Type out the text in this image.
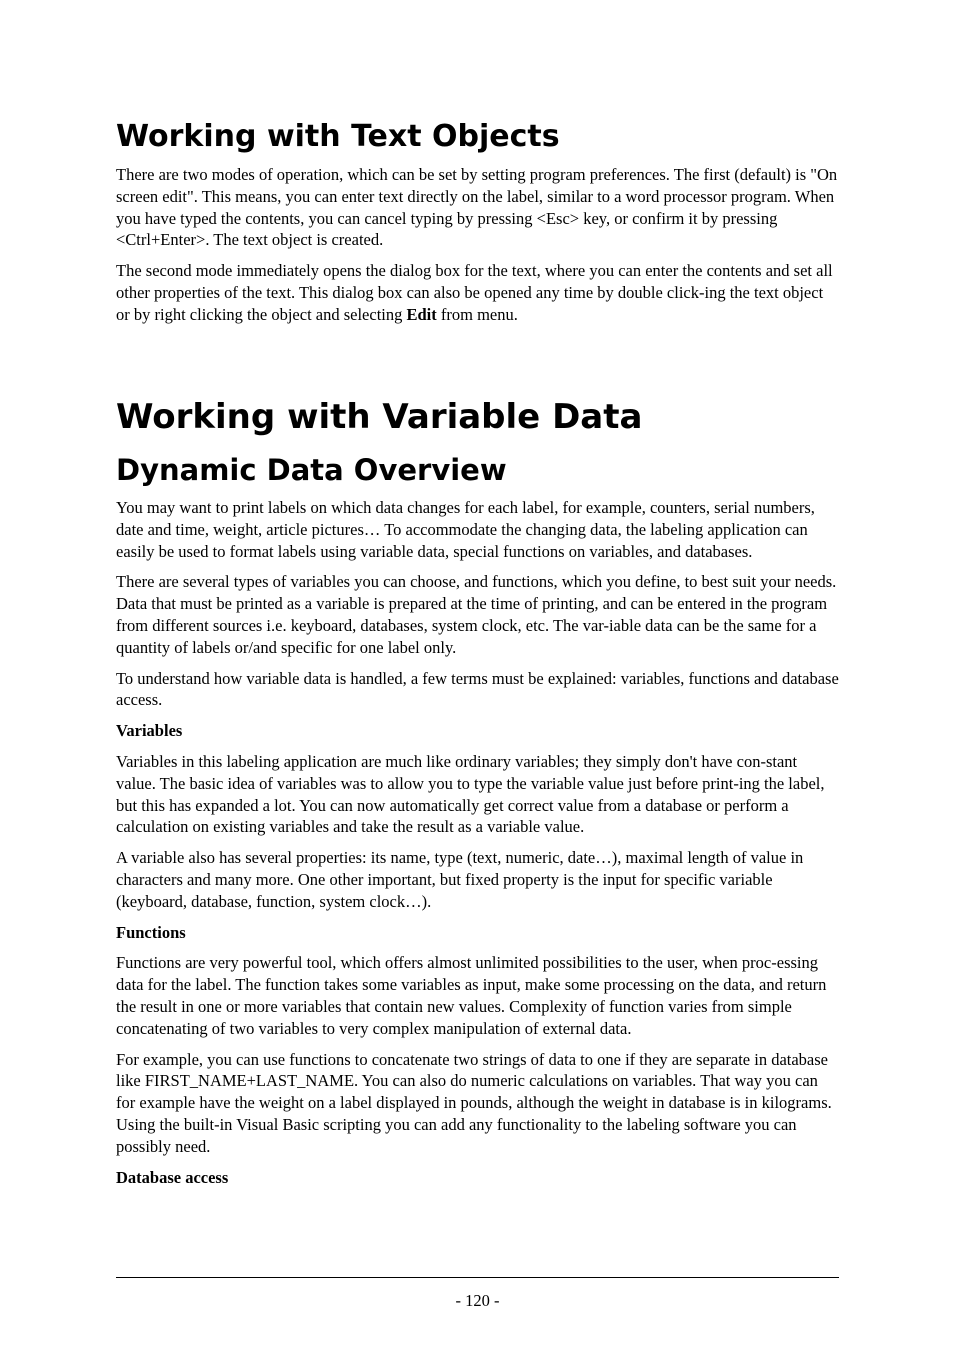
Working with Text Objects

There are two modes of operation, which can be set by setting program preferences. The first (default) is "On screen edit". This means, you can enter text directly on the label, similar to a word processor program. When you have typed the contents, you can cancel typing by pressing <Esc> key, or confirm it by pressing <Ctrl+Enter>. The text object is created.

The second mode immediately opens the dialog box for the text, where you can enter the contents and set all other properties of the text. This dialog box can also be opened any time by double click-ing the text object or by right clicking the object and selecting Edit from menu.

Working with Variable Data
Dynamic Data Overview

You may want to print labels on which data changes for each label, for example, counters, serial numbers, date and time, weight, article pictures… To accommodate the changing data, the labeling application can easily be used to format labels using variable data, special functions on variables, and databases.

There are several types of variables you can choose, and functions, which you define, to best suit your needs. Data that must be printed as a variable is prepared at the time of printing, and can be entered in the program from different sources i.e. keyboard, databases, system clock, etc. The var-iable data can be the same for a quantity of labels or/and specific for one label only.

To understand how variable data is handled, a few terms must be explained: variables, functions and database access.

Variables

Variables in this labeling application are much like ordinary variables; they simply don't have con-stant value. The basic idea of variables was to allow you to type the variable value just before print-ing the label, but this has expanded a lot. You can now automatically get correct value from a database or perform a calculation on existing variables and take the result as a variable value.

A variable also has several properties: its name, type (text, numeric, date…), maximal length of value in characters and many more. One other important, but fixed property is the input for specific variable (keyboard, database, function, system clock…).

Functions

Functions are very powerful tool, which offers almost unlimited possibilities to the user, when proc-essing data for the label. The function takes some variables as input, make some processing on the data, and return the result in one or more variables that contain new values. Complexity of function varies from simple concatenating of two variables to very complex manipulation of external data.

For example, you can use functions to concatenate two strings of data to one if they are separate in database like FIRST_NAME+LAST_NAME. You can also do numeric calculations on variables. That way you can for example have the weight on a label displayed in pounds, although the weight in database is in kilograms. Using the built-in Visual Basic scripting you can add any functionality to the labeling software you can possibly need.

Database access

- 120 -
